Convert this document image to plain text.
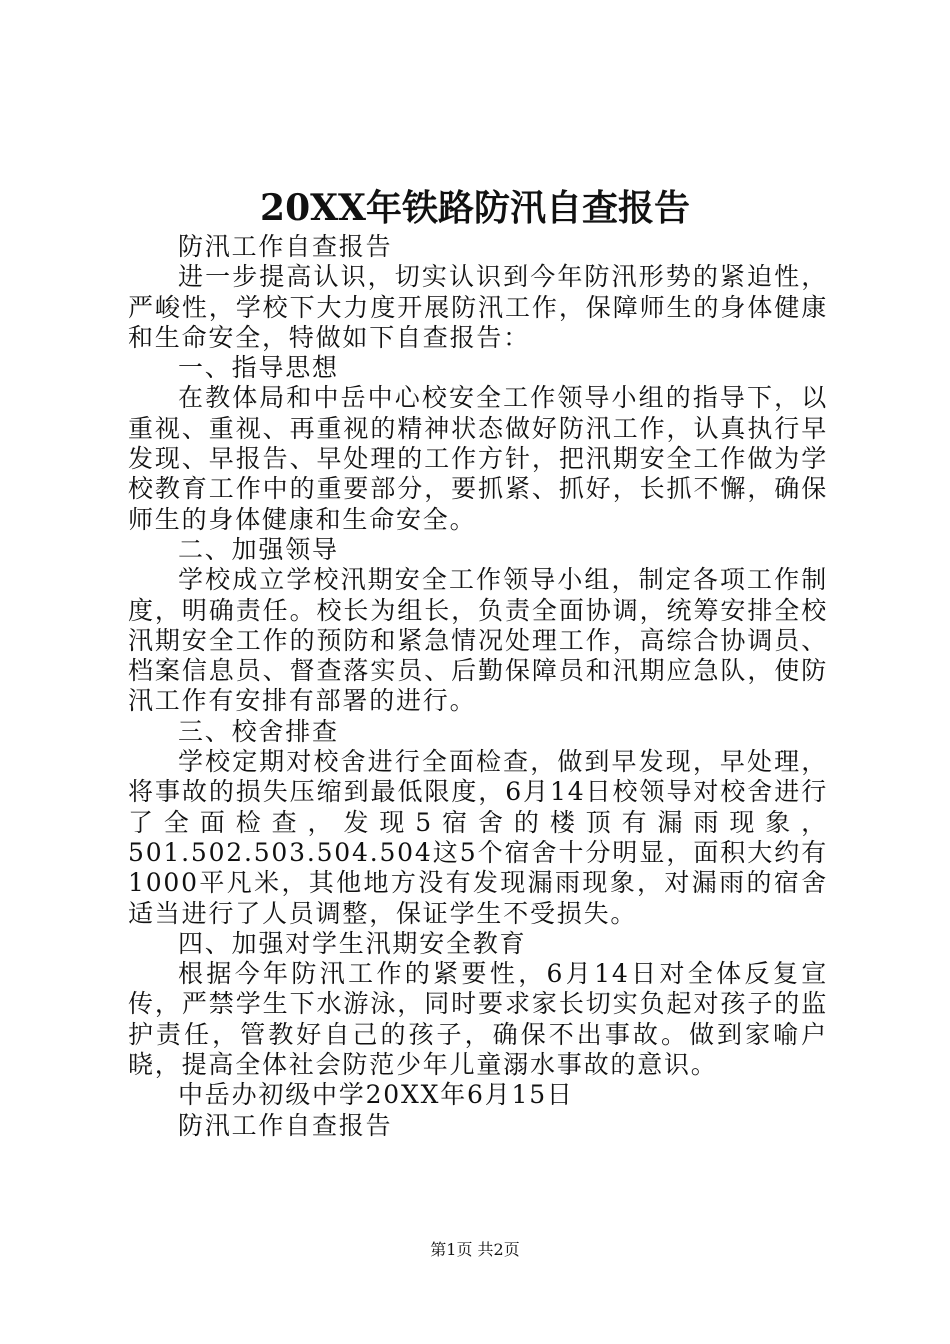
20XX年铁路防汛自查报告

防汛工作自查报告

进一步提高认识，切实认识到今年防汛形势的紧迫性，严峻性，学校下大力度开展防汛工作，保障师生的身体健康和生命安全，特做如下自查报告：

一、指导思想

在教体局和中岳中心校安全工作领导小组的指导下，以重视、重视、再重视的精神状态做好防汛工作，认真执行早发现、早报告、早处理的工作方针，把汛期安全工作做为学校教育工作中的重要部分，要抓紧、抓好，长抓不懈，确保师生的身体健康和生命安全。

二、加强领导

学校成立学校汛期安全工作领导小组，制定各项工作制度，明确责任。校长为组长，负责全面协调，统筹安排全校汛期安全工作的预防和紧急情况处理工作，高综合协调员、档案信息员、督查落实员、后勤保障员和汛期应急队，使防汛工作有安排有部署的进行。

三、校舍排查

学校定期对校舍进行全面检查，做到早发现，早处理，将事故的损失压缩到最低限度，6月14日校领导对校舍进行了全面检查，发现5宿舍的楼顶有漏雨现象，501.502.503.504.504这5个宿舍十分明显，面积大约有1000平凡米，其他地方没有发现漏雨现象，对漏雨的宿舍适当进行了人员调整，保证学生不受损失。

四、加强对学生汛期安全教育

根据今年防汛工作的紧要性，6月14日对全体反复宣传，严禁学生下水游泳，同时要求家长切实负起对孩子的监护责任，管教好自己的孩子，确保不出事故。做到家喻户晓，提高全体社会防范少年儿童溺水事故的意识。

中岳办初级中学20XX年6月15日

防汛工作自查报告

第1页 共2页
